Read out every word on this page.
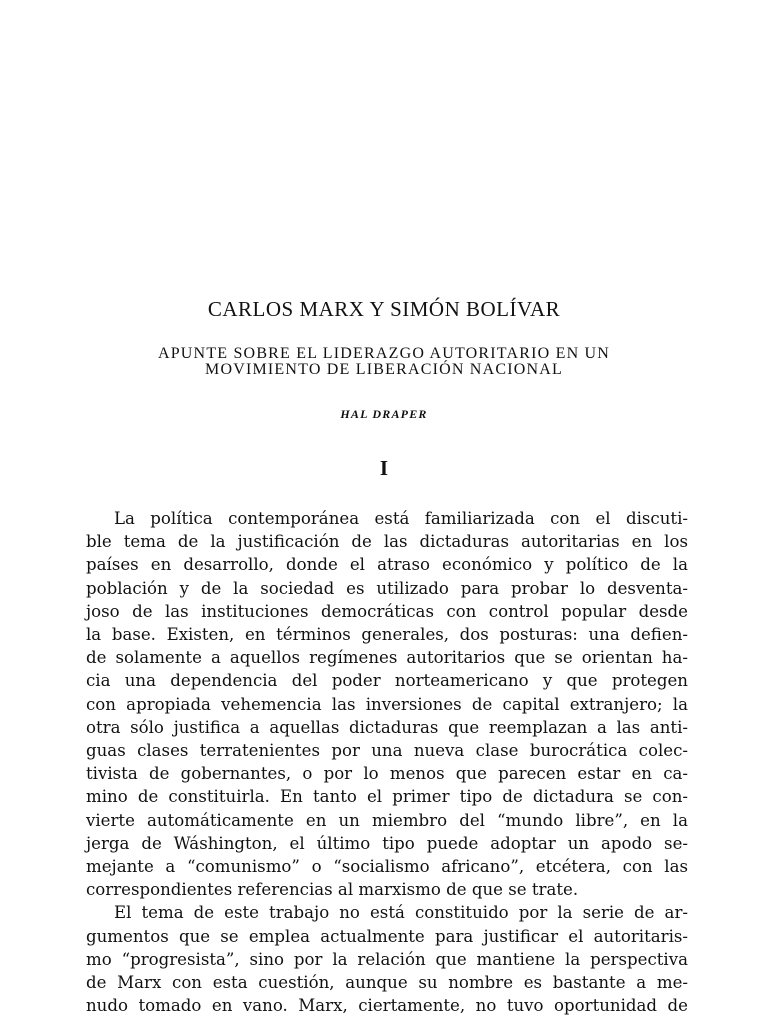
CARLOS MARX Y SIMÓN BOLÍVAR
APUNTE SOBRE EL LIDERAZGO AUTORITARIO EN UN
MOVIMIENTO DE LIBERACIÓN NACIONAL
HAL DRAPER
I

La política contemporánea está familiarizada con el discuti-
ble tema de la justificación de las dictaduras autoritarias en los
países en desarrollo, donde el atraso económico y político de la
población y de la sociedad es utilizado para probar lo desventa-
joso de las instituciones democráticas con control popular desde
la base. Existen, en términos generales, dos posturas: una defien-
de solamente a aquellos regímenes autoritarios que se orientan ha-
cia una dependencia del poder norteamericano y que protegen
con apropiada vehemencia las inversiones de capital extranjero; la
otra sólo justifica a aquellas dictaduras que reemplazan a las anti-
guas clases terratenientes por una nueva clase burocrática colec-
tivista de gobernantes, o por lo menos que parecen estar en ca-
mino de constituirla. En tanto el primer tipo de dictadura se con-
vierte automáticamente en un miembro del “mundo libre”, en la
jerga de Wáshington, el último tipo puede adoptar un apodo se-
mejante a “comunismo” o “socialismo africano”, etcétera, con las
correspondientes referencias al marxismo de que se trate.

El tema de este trabajo no está constituido por la serie de ar-
gumentos que se emplea actualmente para justificar el autoritaris-
mo “progresista”, sino por la relación que mantiene la perspectiva
de Marx con esta cuestión, aunque su nombre es bastante a me-
nudo tomado en vano. Marx, ciertamente, no tuvo oportunidad de
